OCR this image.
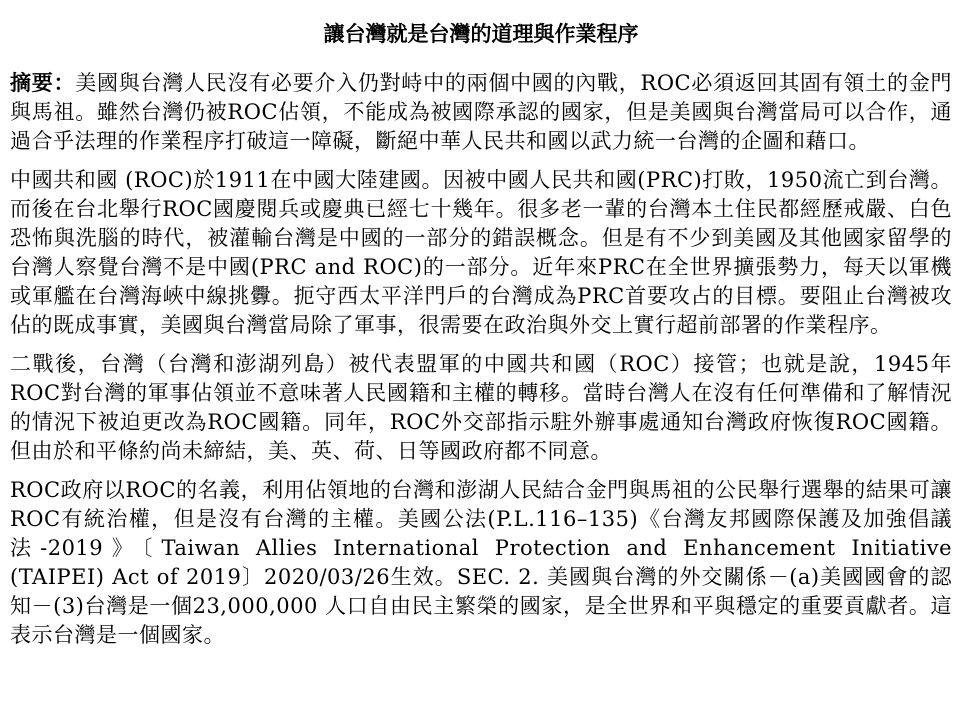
讓台灣就是台灣的道理與作業程序

摘要：美國與台灣人民沒有必要介入仍對峙中的兩個中國的內戰，ROC必須返回其固有領土的金門與馬祖。雖然台灣仍被ROC佔領，不能成為被國際承認的國家，但是美國與台灣當局可以合作，通過合乎法理的作業程序打破這一障礙，斷絕中華人民共和國以武力統一台灣的企圖和藉口。

中國共和國 (ROC)於1911在中國大陸建國。因被中國人民共和國(PRC)打敗，1950流亡到台灣。而後在台北舉行ROC國慶閱兵或慶典已經七十幾年。很多老一輩的台灣本土住民都經歷戒嚴、白色恐怖與洗腦的時代，被灌輸台灣是中國的一部分的錯誤概念。但是有不少到美國及其他國家留學的台灣人察覺台灣不是中國(PRC and ROC)的一部分。近年來PRC在全世界擴張勢力，每天以軍機或軍艦在台灣海峽中線挑釁。扼守西太平洋門戶的台灣成為PRC首要攻占的目標。要阻止台灣被攻佔的既成事實，美國與台灣當局除了軍事，很需要在政治與外交上實行超前部署的作業程序。

二戰後，台灣（台灣和澎湖列島）被代表盟軍的中國共和國（ROC）接管；也就是說，1945年ROC對台灣的軍事佔領並不意味著人民國籍和主權的轉移。當時台灣人在沒有任何準備和了解情況的情況下被迫更改為ROC國籍。同年，ROC外交部指示駐外辦事處通知台灣政府恢復ROC國籍。但由於和平條約尚未締結，美、英、荷、日等國政府都不同意。

ROC政府以ROC的名義，利用佔領地的台灣和澎湖人民結合金門與馬祖的公民舉行選舉的結果可讓ROC有統治權，但是沒有台灣的主權。美國公法(P.L.116–135)《台灣友邦國際保護及加強倡議法-2019》〔Taiwan Allies International Protection and Enhancement Initiative (TAIPEI) Act of 2019〕2020/03/26生效。SEC. 2. 美國與台灣的外交關係－(a)美國國會的認知－(3)台灣是一個23,000,000 人口自由民主繁榮的國家，是全世界和平與穩定的重要貢獻者。這表示台灣是一個國家。
